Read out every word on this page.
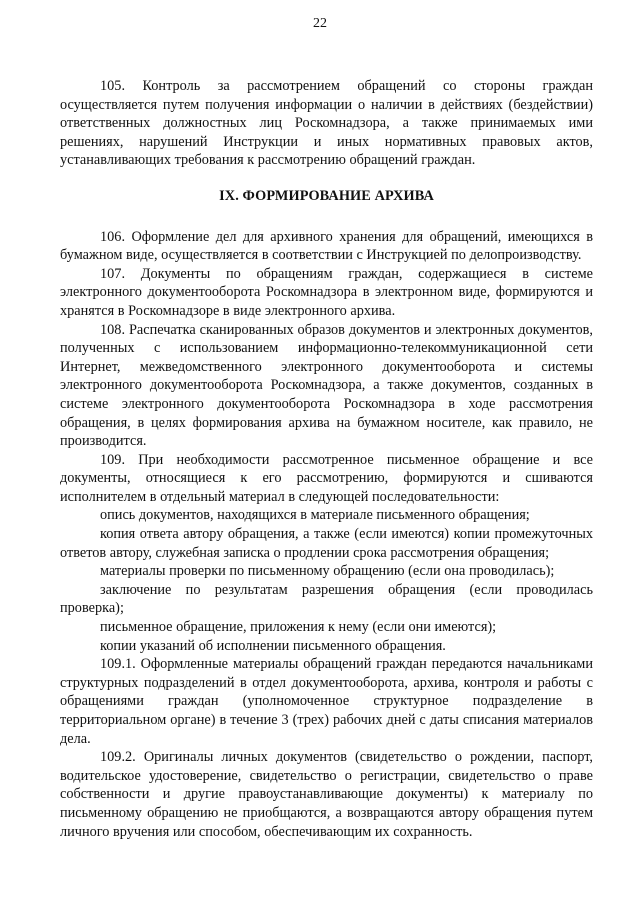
22

105. Контроль за рассмотрением обращений со стороны граждан осуществляется путем получения информации о наличии в действиях (бездействии) ответственных должностных лиц Роскомнадзора, а также принимаемых ими решениях, нарушений Инструкции и иных нормативных правовых актов, устанавливающих требования к рассмотрению обращений граждан.

IX. ФОРМИРОВАНИЕ АРХИВА

106. Оформление дел для архивного хранения для обращений, имеющихся в бумажном виде, осуществляется в соответствии с Инструкцией по делопроизводству.

107. Документы по обращениям граждан, содержащиеся в системе электронного документооборота Роскомнадзора в электронном виде, формируются и хранятся в Роскомнадзоре в виде электронного архива.

108. Распечатка сканированных образов документов и электронных документов, полученных с использованием информационно-телекоммуникационной сети Интернет, межведомственного электронного документооборота и системы электронного документооборота Роскомнадзора, а также документов, созданных в системе электронного документооборота Роскомнадзора в ходе рассмотрения обращения, в целях формирования архива на бумажном носителе, как правило, не производится.

109. При необходимости рассмотренное письменное обращение и все документы, относящиеся к его рассмотрению, формируются и сшиваются исполнителем в отдельный материал в следующей последовательности:

опись документов, находящихся в материале письменного обращения;

копия ответа автору обращения, а также (если имеются) копии промежуточных ответов автору, служебная записка о продлении срока рассмотрения обращения;

материалы проверки по письменному обращению (если она проводилась);

заключение по результатам разрешения обращения (если проводилась проверка);

письменное обращение, приложения к нему (если они имеются);

копии указаний об исполнении письменного обращения.

109.1. Оформленные материалы обращений граждан передаются начальниками структурных подразделений в отдел документооборота, архива, контроля и работы с обращениями граждан (уполномоченное структурное подразделение в территориальном органе) в течение 3 (трех) рабочих дней с даты списания материалов дела.

109.2. Оригиналы личных документов (свидетельство о рождении, паспорт, водительское удостоверение, свидетельство о регистрации, свидетельство о праве собственности и другие правоустанавливающие документы) к материалу по письменному обращению не приобщаются, а возвращаются автору обращения путем личного вручения или способом, обеспечивающим их сохранность.
